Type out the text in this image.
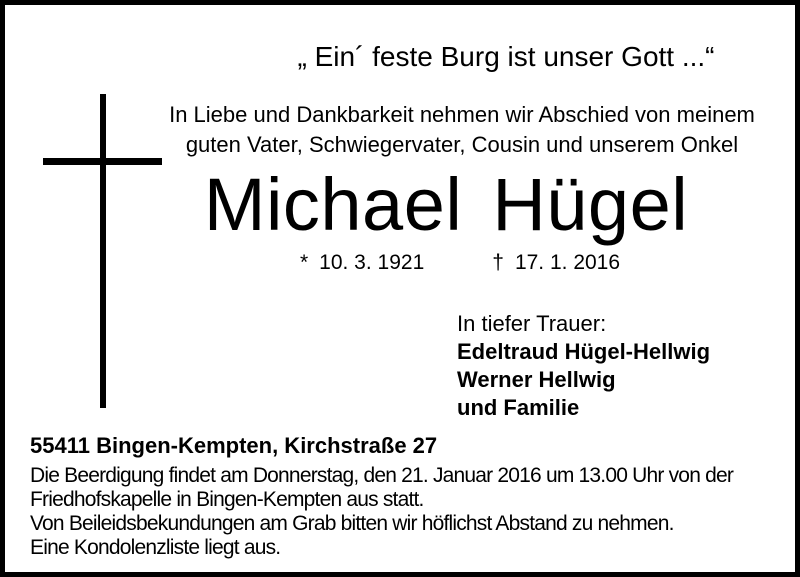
„ Ein´ feste Burg ist unser Gott ...“
In Liebe und Dankbarkeit nehmen wir Abschied von meinem
guten Vater, Schwiegervater, Cousin und unserem Onkel
Michael Hügel
* 10. 3. 1921	† 17. 1. 2016
In tiefer Trauer:
Edeltraud Hügel-Hellwig
Werner Hellwig
und Familie
55411 Bingen-Kempten, Kirchstraße 27
Die Beerdigung findet am Donnerstag, den 21. Januar 2016 um 13.00 Uhr von der
Friedhofskapelle in Bingen-Kempten aus statt.
Von Beileidsbekundungen am Grab bitten wir höflichst Abstand zu nehmen.
Eine Kondolenzliste liegt aus.
